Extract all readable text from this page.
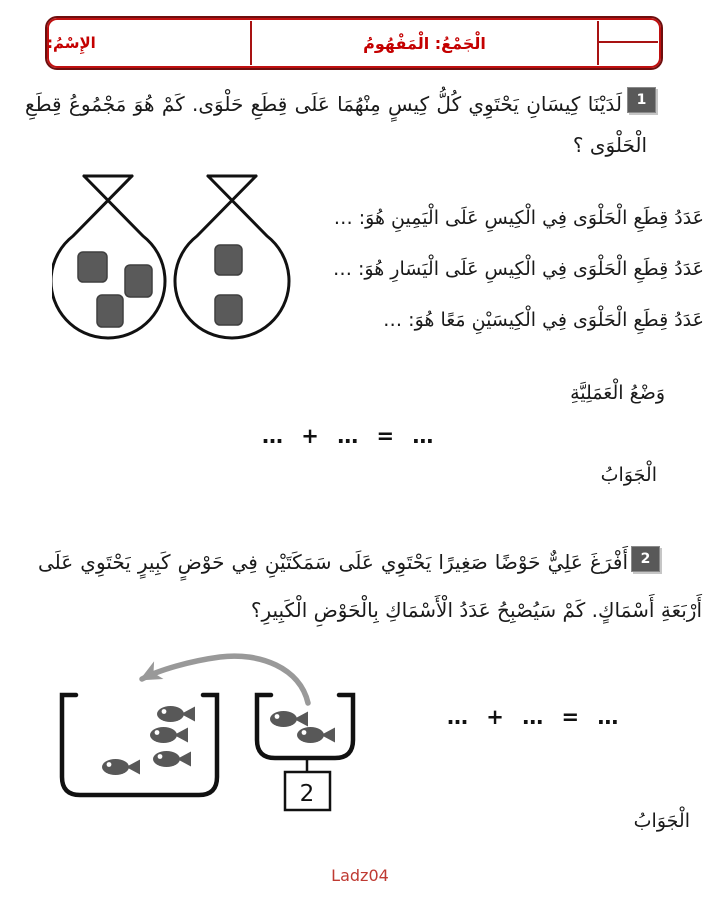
الْجَمْعُ: الْمَفْهُومُ
الإِسْمُ:
1
لَدَيْنَا كِيسَانِ يَحْتَوِي كُلُّ كِيسٍ مِنْهُمَا عَلَى قِطَعِ حَلْوَى. كَمْ هُوَ مَجْمُوعُ قِطَعِ
الْحَلْوَى ؟
عَدَدُ قِطَعِ الْحَلْوَى فِي الْكِيسِ عَلَى الْيَمِينِ هُوَ: …
عَدَدُ قِطَعِ الْحَلْوَى فِي الْكِيسِ عَلَى الْيَسَارِ هُوَ: …
عَدَدُ قِطَعِ الْحَلْوَى فِي الْكِيسَيْنِ مَعًا هُوَ: …
وَضْعُ الْعَمَلِيَّةِ
… + … = …
الْجَوَابُ
2
أَفْرَغَ عَلِيٌّ حَوْضًا صَغِيرًا يَحْتَوِي عَلَى سَمَكَتَيْنِ فِي حَوْضٍ كَبِيرٍ يَحْتَوِي عَلَى
أَرْبَعَةِ أَسْمَاكٍ. كَمْ سَيُصْبِحُ عَدَدُ الْأَسْمَاكِ بِالْحَوْضِ الْكَبِيرِ؟
2
… + … = …
الْجَوَابُ
Ladz04
